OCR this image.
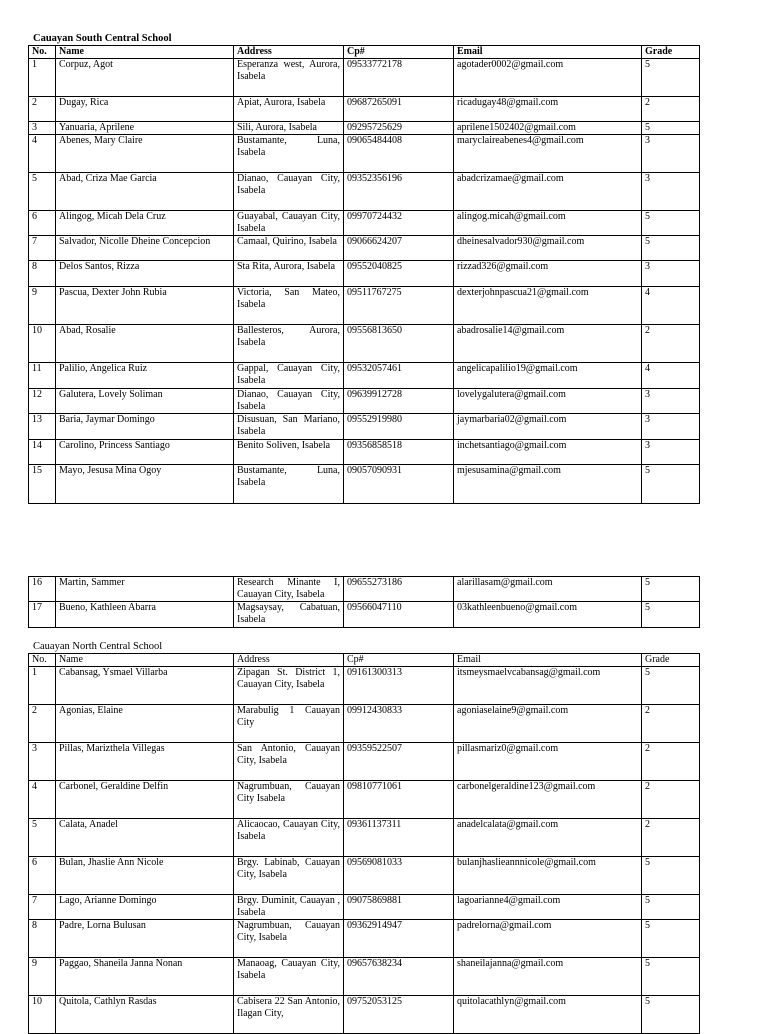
Cauayan South Central School
No.	Name	Address	Cp#	Email	Grade
1	Corpuz, Agot	Esperanza west, Aurora, Isabela	09533772178	agotader0002@gmail.com	5
2	Dugay, Rica	Apiat, Aurora, Isabela	09687265091	ricadugay48@gmail.com	2
3	Yanuaria, Aprilene	Sili, Aurora, Isabela	09295725629	aprilene1502402@gmail.com	5
4	Abenes, Mary Claire	Bustamante, Luna, Isabela	09065484408	maryclaireabenes4@gmail.com	3
5	Abad, Criza Mae Garcia	Dianao, Cauayan City, Isabela	09352356196	abadcrizamae@gmail.com	3
6	Alingog, Micah Dela Cruz	Guayabal, Cauayan City, Isabela	09970724432	alingog.micah@gmail.com	5
7	Salvador, Nicolle Dheine Concepcion	Camaal, Quirino, Isabela	09066624207	dheinesalvador930@gmail.com	5
8	Delos Santos, Rizza	Sta Rita, Aurora, Isabela	09552040825	rizzad326@gmail.com	3
9	Pascua, Dexter John Rubia	Victoria, San Mateo, Isabela	09511767275	dexterjohnpascua21@gmail.com	4
10	Abad, Rosalie	Ballesteros, Aurora, Isabela	09556813650	abadrosalie14@gmail.com	2
11	Palilio, Angelica Ruiz	Gappal, Cauayan City, Isabela	09532057461	angelicapalilio19@gmail.com	4
12	Galutera, Lovely Soliman	Dianao, Cauayan City, Isabela	09639912728	lovelygalutera@gmail.com	3
13	Baria, Jaymar Domingo	Disusuan, San Mariano, Isabela	09552919980	jaymarbaria02@gmail.com	3
14	Carolino, Princess Santiago	Benito Soliven, Isabela	09356858518	inchetsantiago@gmail.com	3
15	Mayo, Jesusa Mina Ogoy	Bustamante, Luna, Isabela	09057090931	mjesusamina@gmail.com	5
16	Martin, Sammer	Research Minante I, Cauayan City, Isabela	09655273186	alarillasam@gmail.com	5
17	Bueno, Kathleen Abarra	Magsaysay, Cabatuan, Isabela	09566047110	03kathleenbueno@gmail.com	5
Cauayan North Central School
No.	Name	Address	Cp#	Email	Grade
1	Cabansag, Ysmael Villarba	Zipagan St. District 1, Cauayan City, Isabela	09161300313	itsmeysmaelvcabansag@gmail.com	5
2	Agonias, Elaine	Marabulig 1 Cauayan City	09912430833	agoniaselaine9@gmail.com	2
3	Pillas, Marizthela Villegas	San Antonio, Cauayan City, Isabela	09359522507	pillasmariz0@gmail.com	2
4	Carbonel, Geraldine Delfin	Nagrumbuan, Cauayan City Isabela	09810771061	carbonelgeraldine123@gmail.com	2
5	Calata, Anadel	Alicaocao, Cauayan City, Isabela	09361137311	anadelcalata@gmail.com	2
6	Bulan, Jhaslie Ann Nicole	Brgy. Labinab, Cauayan City, Isabela	09569081033	bulanjhaslieannnicole@gmail.com	5
7	Lago, Arianne Domingo	Brgy. Duminit, Cauayan , Isabela	09075869881	lagoarianne4@gmail.com	5
8	Padre, Lorna Bulusan	Nagrumbuan, Cauayan City, Isabela	09362914947	padrelorna@gmail.com	5
9	Paggao, Shaneila Janna Nonan	Manaoag, Cauayan City, Isabela	09657638234	shaneilajanna@gmail.com	5
10	Quitola, Cathlyn Rasdas	Cabisera 22 San Antonio, Ilagan City,	09752053125	quitolacathlyn@gmail.com	5
